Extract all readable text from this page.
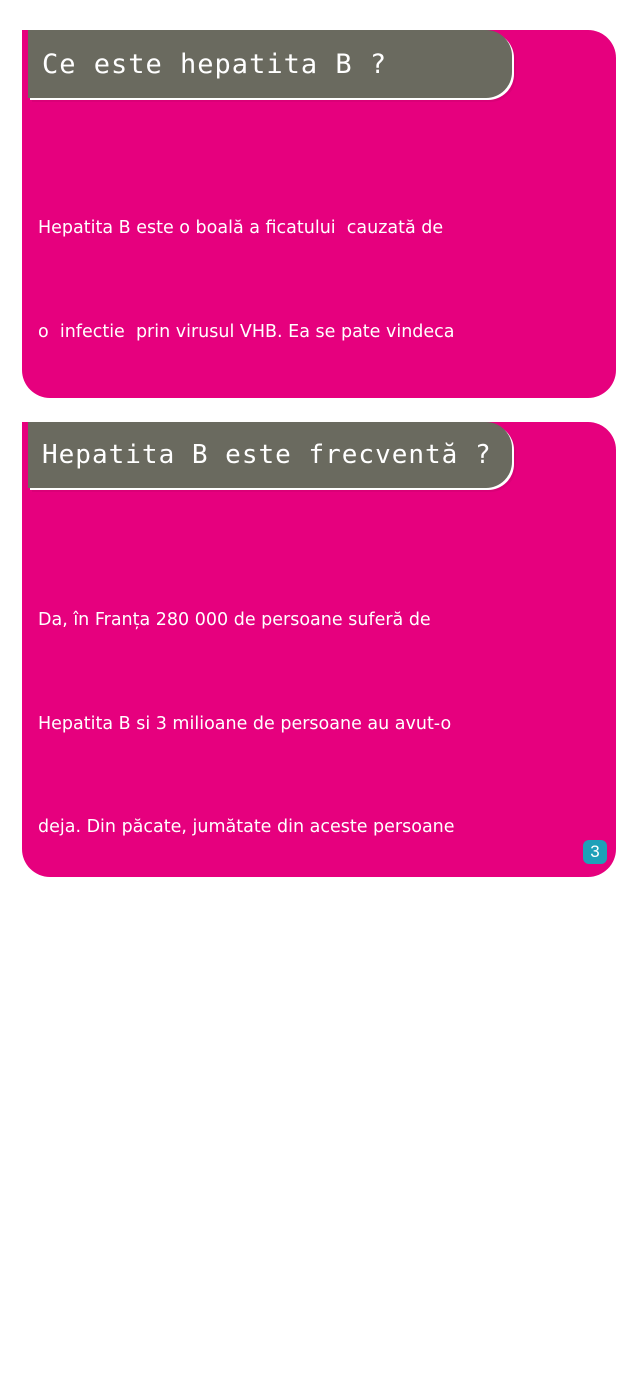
Ce este hepatita B ?

Hepatita B este o boală a ficatului  cauzată de

o  infectie  prin virusul VHB. Ea se pate vindeca

Hepatita B este frecventă ?

Da, în Franța 280 000 de persoane suferă de

Hepatita B si 3 milioane de persoane au avut-o

deja. Din păcate, jumătate din aceste persoane

nu au făcut un test de depistare si nu ştiu că sunt

purtători de virus.

La  nivel mondial, această boală este foarte

frecventă deoarece se consideră că 350  milioane

de persoane infectate au o hepatita B cronica.

3
